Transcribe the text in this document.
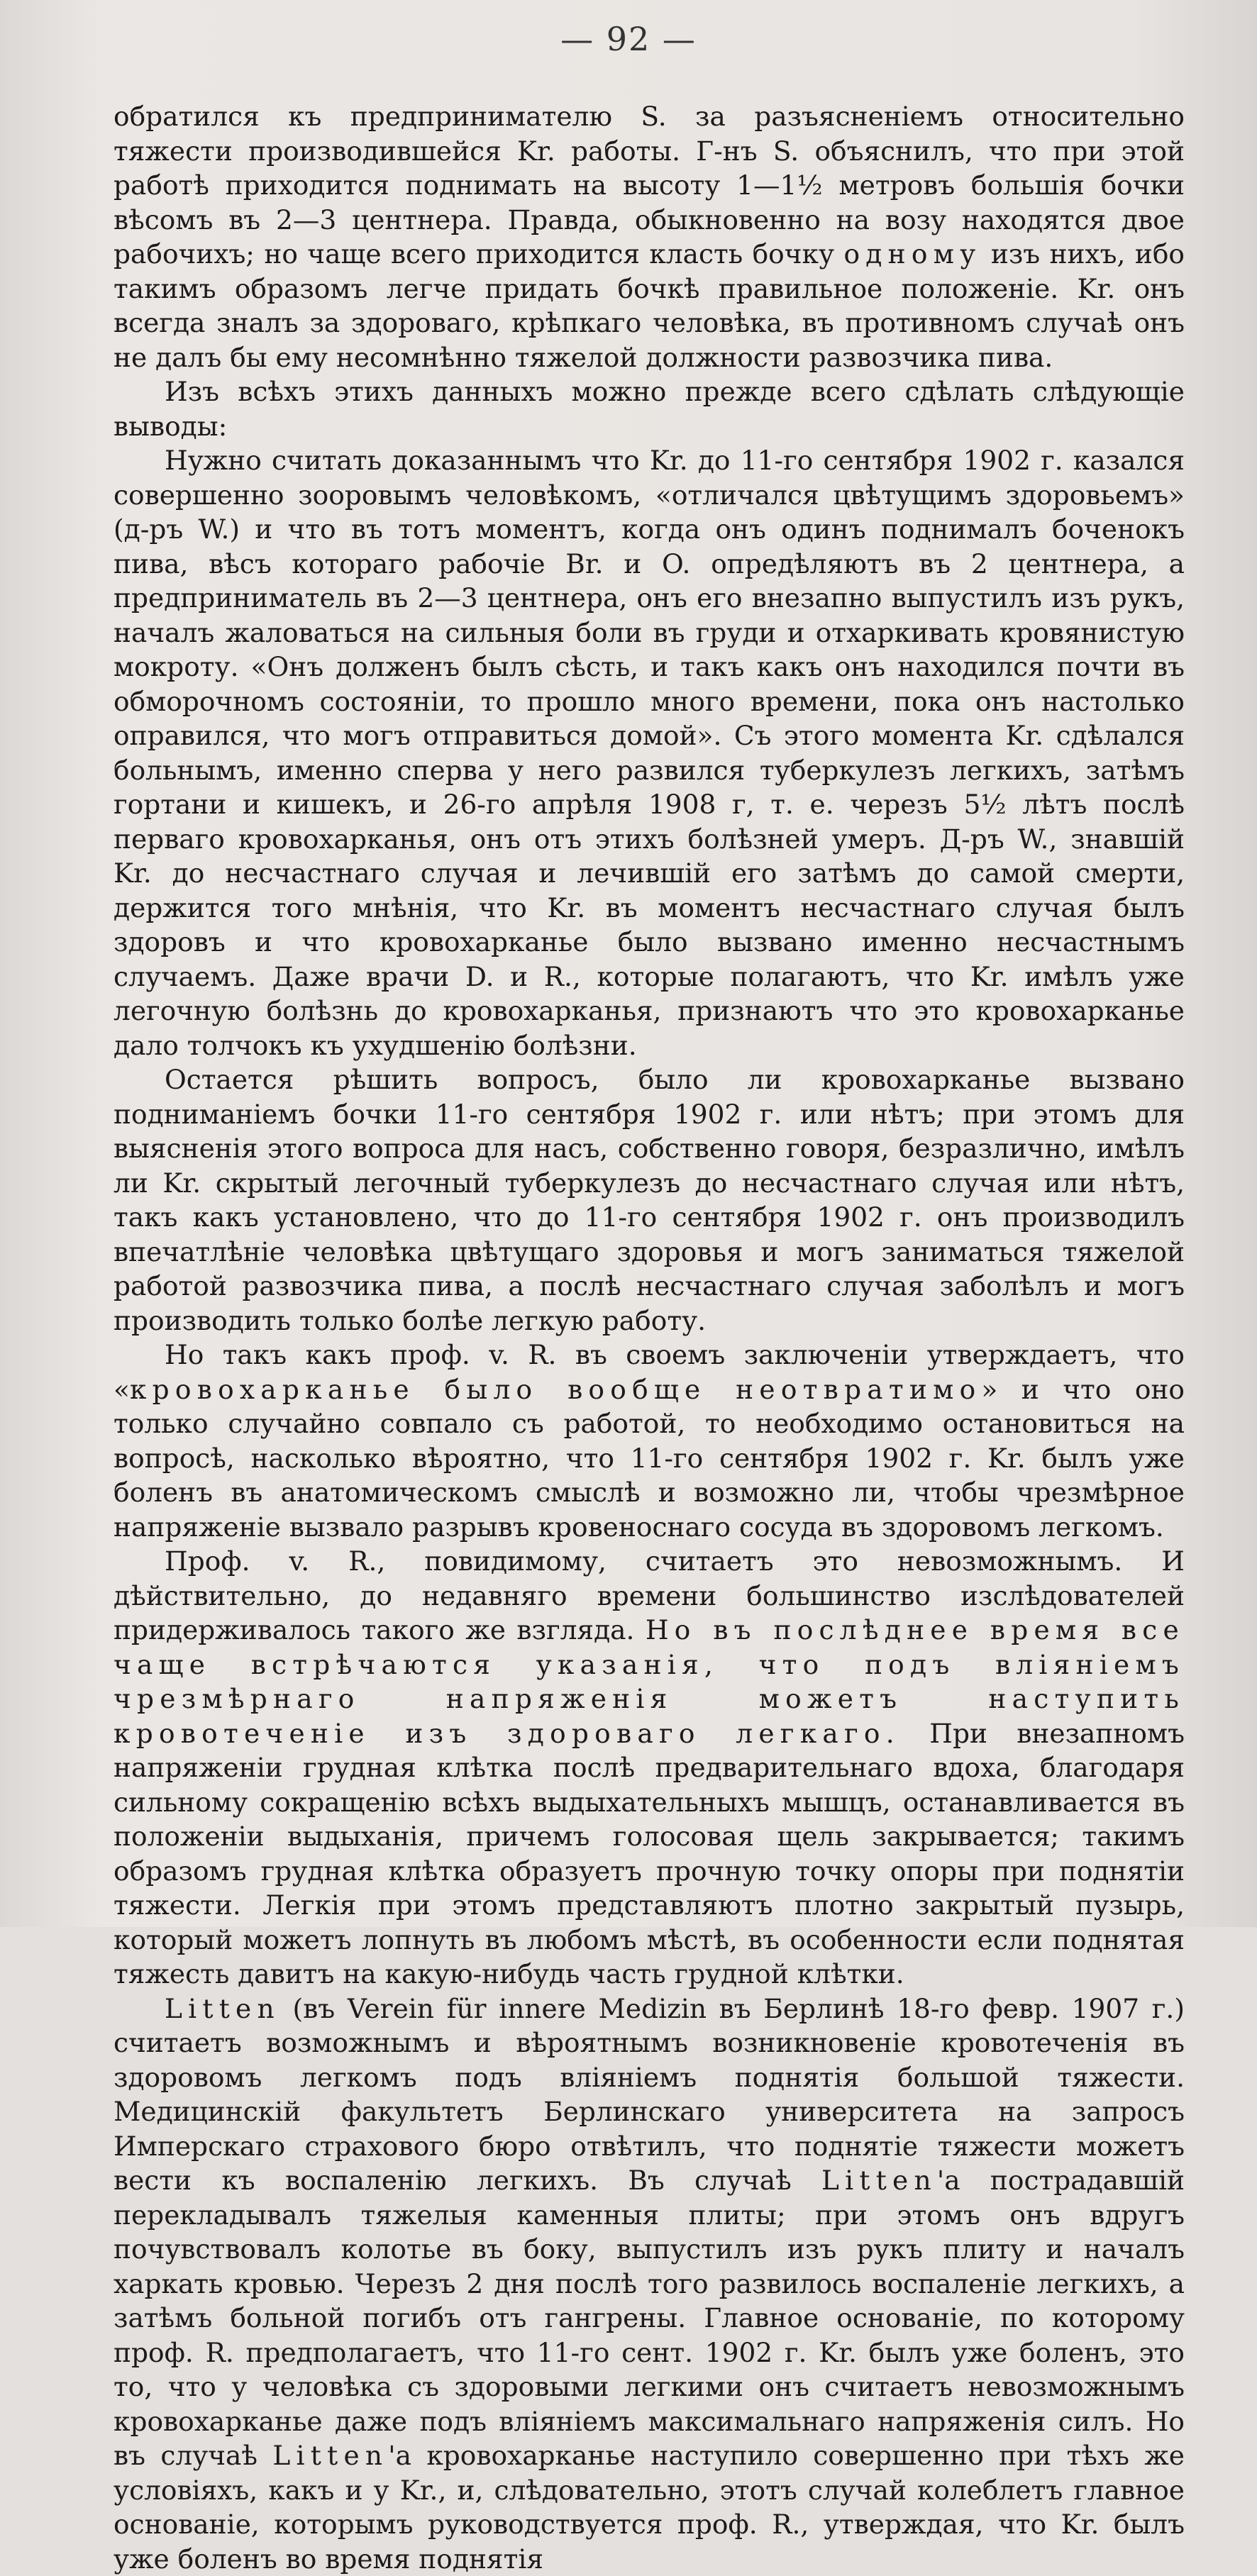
— 92 —

обратился къ предпринимателю S. за разъясненіемъ относительно тяжести производившейся Kr. работы. Г-нъ S. объяснилъ, что при этой работѣ приходится поднимать на высоту 1—1½ метровъ большія бочки вѣсомъ въ 2—3 центнера. Правда, обыкновенно на возу находятся двое рабочихъ; но чаще всего приходится класть бочку одному изъ нихъ, ибо такимъ образомъ легче придать бочкѣ правильное положеніе. Kr. онъ всегда зналъ за здороваго, крѣпкаго человѣка, въ противномъ случаѣ онъ не далъ бы ему несомнѣнно тяжелой должности развозчика пива.

Изъ всѣхъ этихъ данныхъ можно прежде всего сдѣлать слѣдующіе выводы:

Нужно считать доказаннымъ что Kr. до 11-го сентября 1902 г. казался совершенно зооровымъ человѣкомъ, «отличался цвѣтущимъ здоровьемъ» (д-ръ W.) и что въ тотъ моментъ, когда онъ одинъ поднималъ боченокъ пива, вѣсъ котораго рабочіе Br. и O. опредѣляютъ въ 2 центнера, а предприниматель въ 2—3 центнера, онъ его внезапно выпустилъ изъ рукъ, началъ жаловаться на сильныя боли въ груди и отхаркивать кровянистую мокроту. «Онъ долженъ былъ сѣсть, и такъ какъ онъ находился почти въ обморочномъ состояніи, то прошло много времени, пока онъ настолько оправился, что могъ отправиться домой». Съ этого момента Kr. сдѣлался больнымъ, именно сперва у него развился туберкулезъ легкихъ, затѣмъ гортани и кишекъ, и 26-го апрѣля 1908 г, т. е. черезъ 5½ лѣтъ послѣ перваго кровохарканья, онъ отъ этихъ болѣзней умеръ. Д-ръ W., знавшій Kr. до несчастнаго случая и лечившій его затѣмъ до самой смерти, держится того мнѣнія, что Kr. въ моментъ несчастнаго случая былъ здоровъ и что кровохарканье было вызвано именно несчастнымъ случаемъ. Даже врачи D. и R., которые полагаютъ, что Kr. имѣлъ уже легочную болѣзнь до кровохарканья, признаютъ что это кровохарканье дало толчокъ къ ухудшенію болѣзни.

Остается рѣшить вопросъ, было ли кровохарканье вызвано подниманіемъ бочки 11-го сентября 1902 г. или нѣтъ; при этомъ для выясненія этого вопроса для насъ, собственно говоря, безразлично, имѣлъ ли Kr. скрытый легочный туберкулезъ до несчастнаго случая или нѣтъ, такъ какъ установлено, что до 11-го сентября 1902 г. онъ производилъ впечатлѣніе человѣка цвѣтущаго здоровья и могъ заниматься тяжелой работой развозчика пива, а послѣ несчастнаго случая заболѣлъ и могъ производить только болѣе легкую работу.

Но такъ какъ проф. v. R. въ своемъ заключеніи утверждаетъ, что «кровохарканье было вообще неотвратимо» и что оно только случайно совпало съ работой, то необходимо остановиться на вопросѣ, насколько вѣроятно, что 11-го сентября 1902 г. Kr. былъ уже боленъ въ анатомическомъ смыслѣ и возможно ли, чтобы чрезмѣрное напряженіе вызвало разрывъ кровеноснаго сосуда въ здоровомъ легкомъ.

Проф. v. R., повидимому, считаетъ это невозможнымъ. И дѣйствительно, до недавняго времени большинство изслѣдователей придерживалось такого же взгляда. Но въ послѣднее время все чаще встрѣчаются указанія, что подъ вліяніемъ чрезмѣрнаго напряженія можетъ наступить кровотеченіе изъ здороваго легкаго. При внезапномъ напряженіи грудная клѣтка послѣ предварительнаго вдоха, благодаря сильному сокращенію всѣхъ выдыхательныхъ мышцъ, останавливается въ положеніи выдыханія, причемъ голосовая щель закрывается; такимъ образомъ грудная клѣтка образуетъ прочную точку опоры при поднятіи тяжести. Легкія при этомъ представляютъ плотно закрытый пузырь, который можетъ лопнуть въ любомъ мѣстѣ, въ особенности если поднятая тяжесть давитъ на какую-нибудь часть грудной клѣтки.

Litten (въ Verein für innere Medizin въ Берлинѣ 18-го февр. 1907 г.) считаетъ возможнымъ и вѣроятнымъ возникновеніе кровотеченія въ здоровомъ легкомъ подъ вліяніемъ поднятія большой тяжести. Медицинскій факультетъ Берлинскаго университета на запросъ Имперскаго страхового бюро отвѣтилъ, что поднятіе тяжести можетъ вести къ воспаленію легкихъ. Въ случаѣ Litten'а пострадавшій перекладывалъ тяжелыя каменныя плиты; при этомъ онъ вдругъ почувствовалъ колотье въ боку, выпустилъ изъ рукъ плиту и началъ харкать кровью. Черезъ 2 дня послѣ того развилось воспаленіе легкихъ, а затѣмъ больной погибъ отъ гангрены. Главное основаніе, по которому проф. R. предполагаетъ, что 11-го сент. 1902 г. Kr. былъ уже боленъ, это то, что у человѣка съ здоровыми легкими онъ считаетъ невозможнымъ кровохарканье даже подъ вліяніемъ максимальнаго напряженія силъ. Но въ случаѣ Litten'а кровохарканье наступило совершенно при тѣхъ же условіяхъ, какъ и у Kr., и, слѣдовательно, этотъ случай колеблетъ главное основаніе, которымъ руководствуется проф. R., утверждая, что Kr. былъ уже боленъ во время поднятія
